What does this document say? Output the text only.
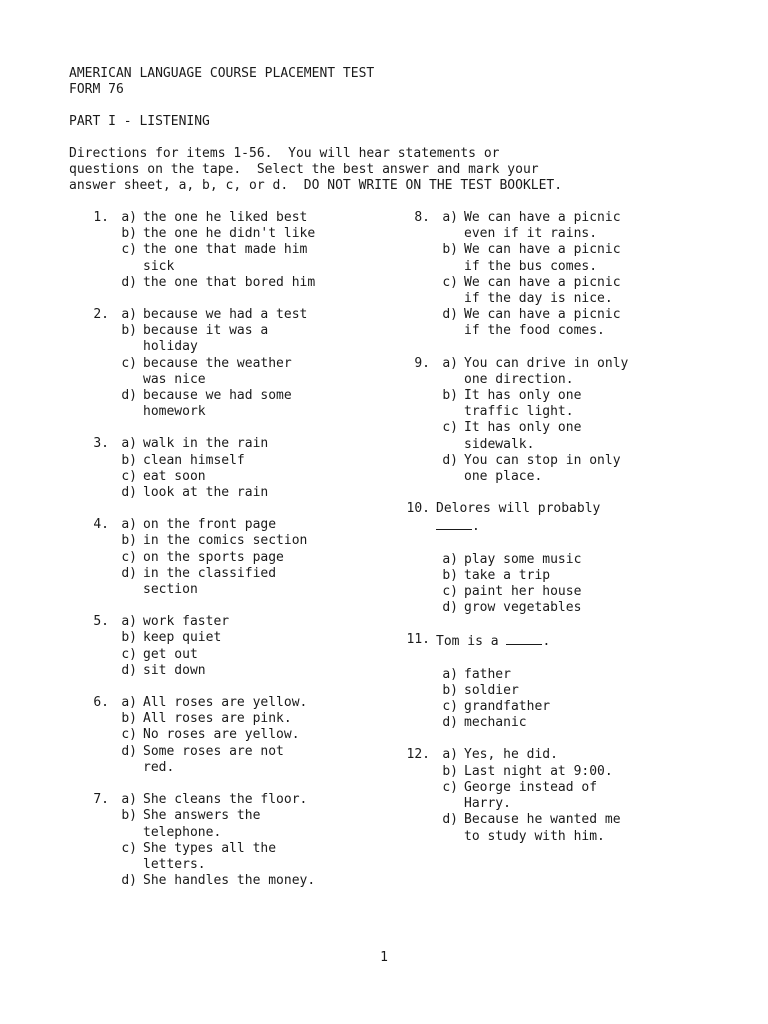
AMERICAN LANGUAGE COURSE PLACEMENT TEST
FORM 76
PART I - LISTENING
Directions for items 1-56.  You will hear statements or
questions on the tape.  Select the best answer and mark your
answer sheet, a, b, c, or d.  DO NOT WRITE ON THE TEST BOOKLET.
1. a) the one he liked best
b) the one he didn't like
c) the one that made him
sick
d) the one that bored him
2. a) because we had a test
b) because it was a
holiday
c) because the weather
was nice
d) because we had some
homework
3. a) walk in the rain
b) clean himself
c) eat soon
d) look at the rain
4. a) on the front page
b) in the comics section
c) on the sports page
d) in the classified
section
5. a) work faster
b) keep quiet
c) get out
d) sit down
6. a) All roses are yellow.
b) All roses are pink.
c) No roses are yellow.
d) Some roses are not
red.
7. a) She cleans the floor.
b) She answers the
telephone.
c) She types all the
letters.
d) She handles the money.
8. a) We can have a picnic
even if it rains.
b) We can have a picnic
if the bus comes.
c) We can have a picnic
if the day is nice.
d) We can have a picnic
if the food comes.
9. a) You can drive in only
one direction.
b) It has only one
traffic light.
c) It has only one
sidewalk.
d) You can stop in only
one place.
10. Delores will probably
.
a) play some music
b) take a trip
c) paint her house
d) grow vegetables
11. Tom is a	.
a) father
b) soldier
c) grandfather
d) mechanic
12. a) Yes, he did.
b) Last night at 9:00.
c) George instead of
Harry.
d) Because he wanted me
to study with him.
1
